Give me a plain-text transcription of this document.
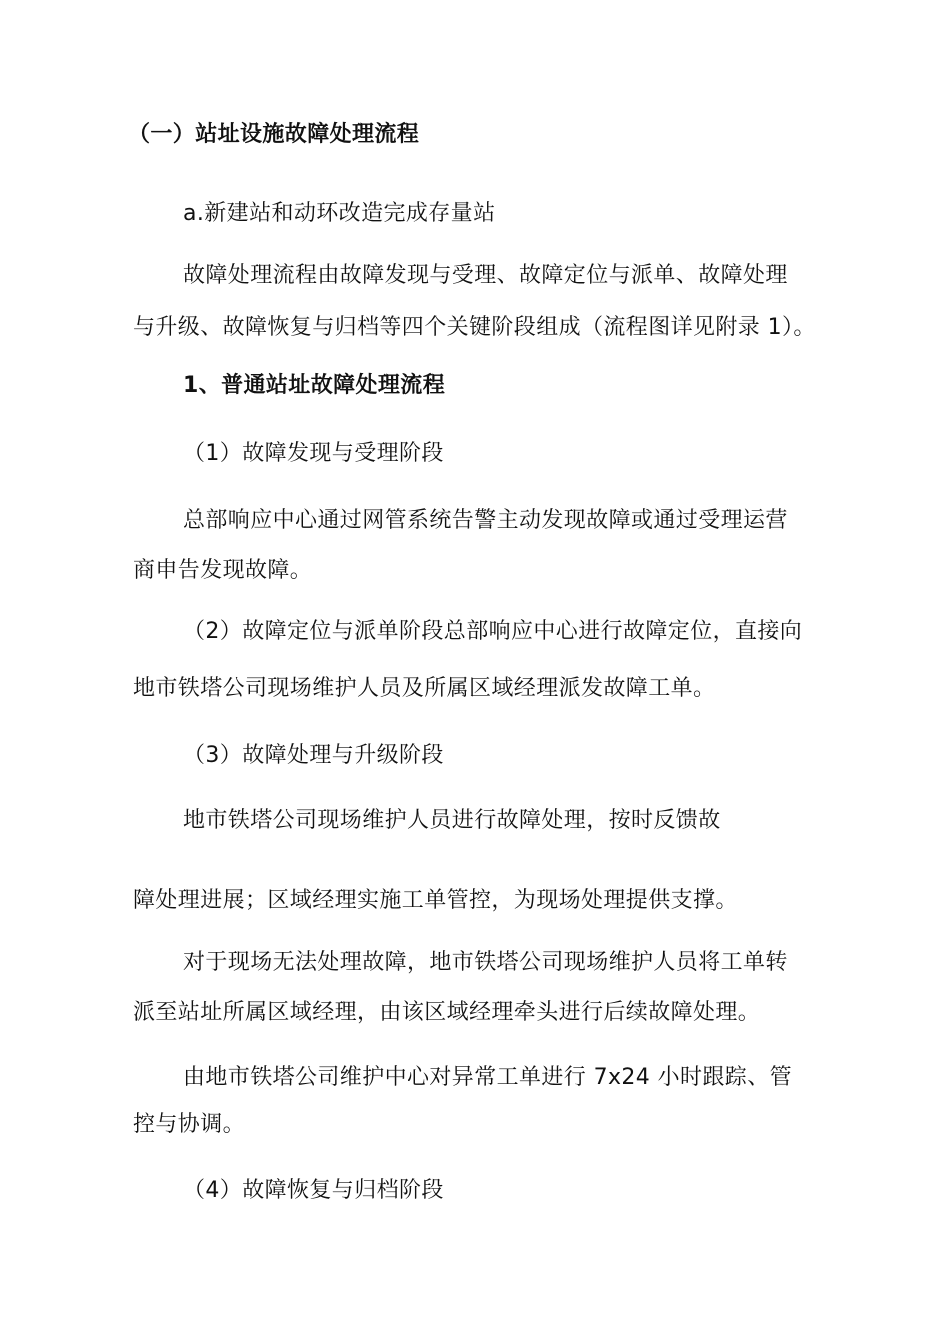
（一）站址设施故障处理流程

a.新建站和动环改造完成存量站

故障处理流程由故障发现与受理、故障定位与派单、故障处理

与升级、故障恢复与归档等四个关键阶段组成（流程图详见附录 1）。

1、普通站址故障处理流程

（1）故障发现与受理阶段

总部响应中心通过网管系统告警主动发现故障或通过受理运营

商申告发现故障。

（2）故障定位与派单阶段总部响应中心进行故障定位，直接向

地市铁塔公司现场维护人员及所属区域经理派发故障工单。

（3）故障处理与升级阶段

地市铁塔公司现场维护人员进行故障处理，按时反馈故

障处理进展；区域经理实施工单管控，为现场处理提供支撑。

对于现场无法处理故障，地市铁塔公司现场维护人员将工单转

派至站址所属区域经理，由该区域经理牵头进行后续故障处理。

由地市铁塔公司维护中心对异常工单进行 7x24 小时跟踪、管

控与协调。

（4）故障恢复与归档阶段
